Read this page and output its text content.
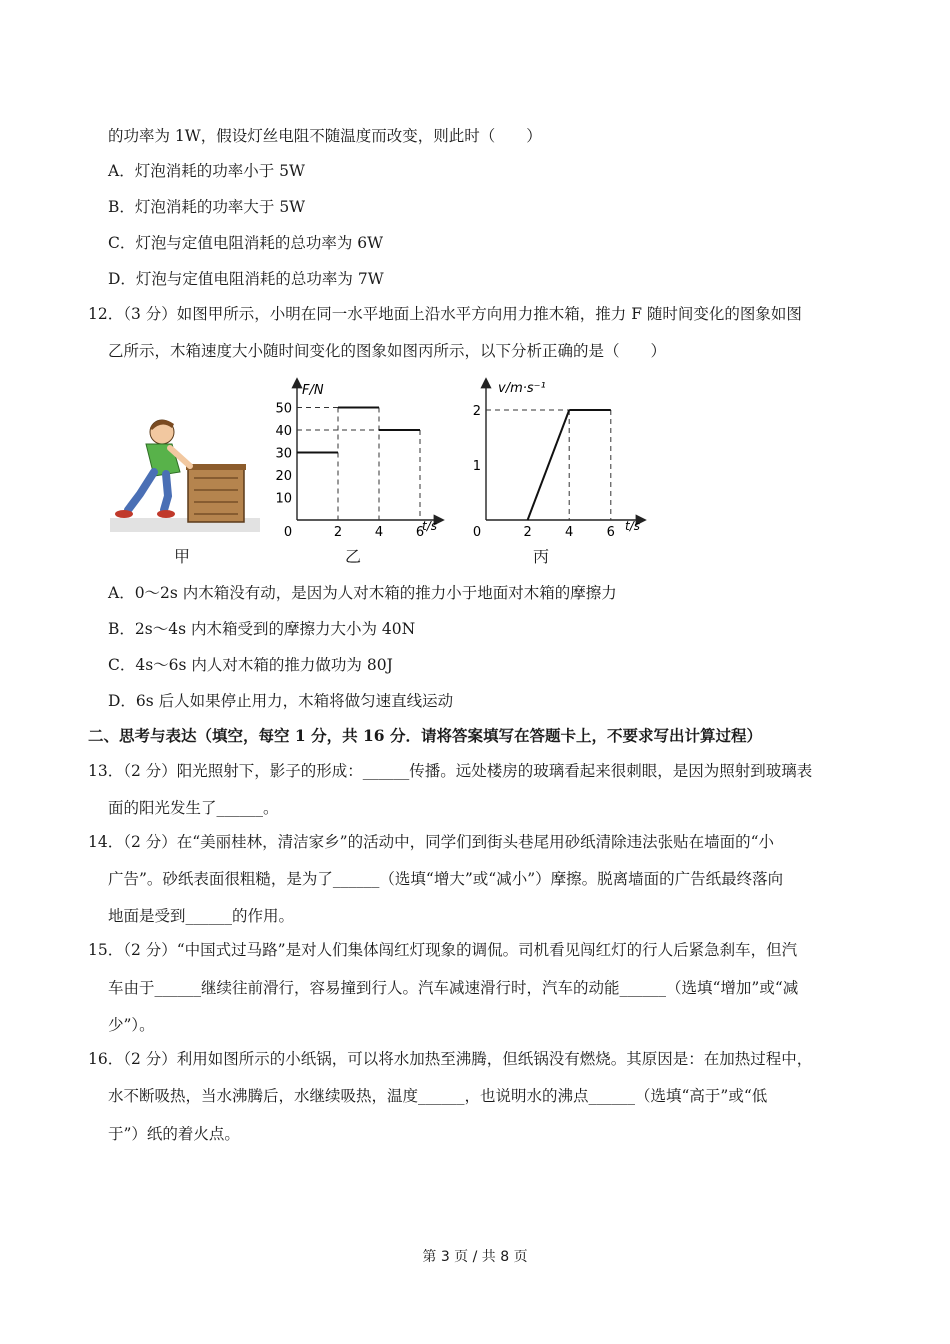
的功率为 1W，假设灯丝电阻不随温度而改变，则此时（　　）
A．灯泡消耗的功率小于 5W
B．灯泡消耗的功率大于 5W
C．灯泡与定值电阻消耗的总功率为 6W
D．灯泡与定值电阻消耗的总功率为 7W
12．（3 分）如图甲所示，小明在同一水平地面上沿水平方向用力推木箱，推力 F 随时间变化的图象如图
乙所示，木箱速度大小随时间变化的图象如图丙所示，以下分析正确的是（　　）
10
20
30
40
50
0	2	4	6
F/N
t/s
1
2
0	2	4	6
v/m·s⁻¹
t/s
甲	乙	丙
A．0～2s 内木箱没有动，是因为人对木箱的推力小于地面对木箱的摩擦力
B．2s～4s 内木箱受到的摩擦力大小为 40N
C．4s～6s 内人对木箱的推力做功为 80J
D．6s 后人如果停止用力，木箱将做匀速直线运动
二、思考与表达（填空，每空 1 分，共 16 分．请将答案填写在答题卡上，不要求写出计算过程）
13．（2 分）阳光照射下，影子的形成：______传播。远处楼房的玻璃看起来很刺眼，是因为照射到玻璃表
面的阳光发生了______。
14．（2 分）在“美丽桂林，清洁家乡”的活动中，同学们到街头巷尾用砂纸清除违法张贴在墙面的“小
广告”。砂纸表面很粗糙，是为了______（选填“增大”或“减小”）摩擦。脱离墙面的广告纸最终落向
地面是受到______的作用。
15．（2 分）“中国式过马路”是对人们集体闯红灯现象的调侃。司机看见闯红灯的行人后紧急刹车，但汽
车由于______继续往前滑行，容易撞到行人。汽车减速滑行时，汽车的动能______（选填“增加”或“减
少”）。
16．（2 分）利用如图所示的小纸锅，可以将水加热至沸腾，但纸锅没有燃烧。其原因是：在加热过程中，
水不断吸热，当水沸腾后，水继续吸热，温度______，也说明水的沸点______（选填“高于”或“低
于”）纸的着火点。
第 3 页 / 共 8 页
